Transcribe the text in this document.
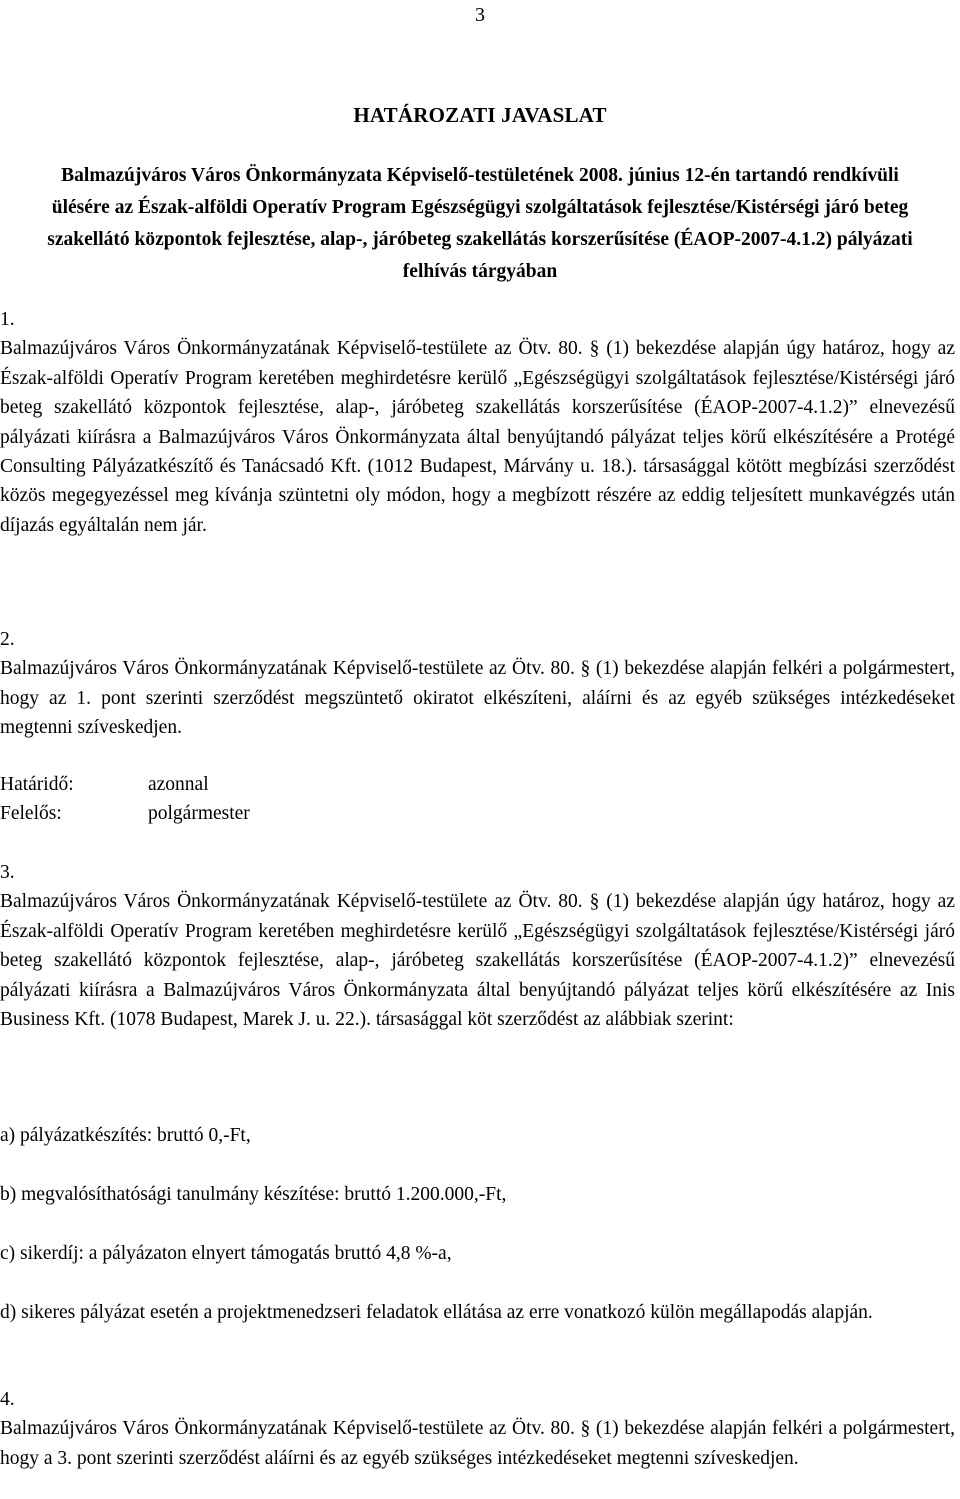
3
HATÁROZATI JAVASLAT
Balmazújváros Város Önkormányzata Képviselő-testületének 2008. június 12-én tartandó rendkívüli ülésére az Észak-alföldi Operatív Program Egészségügyi szolgáltatások fejlesztése/Kistérségi járó beteg szakellátó központok fejlesztése, alap-, járóbeteg szakellátás korszerűsítése (ÉAOP-2007-4.1.2) pályázati felhívás tárgyában
1.
Balmazújváros Város Önkormányzatának Képviselő-testülete az Ötv. 80. § (1) bekezdése alapján úgy határoz, hogy az Észak-alföldi Operatív Program keretében meghirdetésre kerülő „Egészségügyi szolgáltatások fejlesztése/Kistérségi járó beteg szakellátó központok fejlesztése, alap-, járóbeteg szakellátás korszerűsítése (ÉAOP-2007-4.1.2)” elnevezésű pályázati kiírásra a Balmazújváros Város Önkormányzata által benyújtandó pályázat teljes körű elkészítésére a Protégé Consulting Pályázatkészítő és Tanácsadó Kft. (1012 Budapest, Márvány u. 18.). társasággal kötött megbízási szerződést közös megegyezéssel meg kívánja szüntetni oly módon, hogy a megbízott részére az eddig teljesített munkavégzés után díjazás egyáltalán nem jár.
2.
Balmazújváros Város Önkormányzatának Képviselő-testülete az Ötv. 80. § (1) bekezdése alapján felkéri a polgármestert, hogy az 1. pont szerinti szerződést megszüntető okiratot elkészíteni, aláírni és az egyéb szükséges intézkedéseket megtenni szíveskedjen.
Határidő:	azonnal
Felelős:	polgármester
3.
Balmazújváros Város Önkormányzatának Képviselő-testülete az Ötv. 80. § (1) bekezdése alapján úgy határoz, hogy az Észak-alföldi Operatív Program keretében meghirdetésre kerülő „Egészségügyi szolgáltatások fejlesztése/Kistérségi járó beteg szakellátó központok fejlesztése, alap-, járóbeteg szakellátás korszerűsítése (ÉAOP-2007-4.1.2)” elnevezésű pályázati kiírásra a Balmazújváros Város Önkormányzata által benyújtandó pályázat teljes körű elkészítésére az Inis Business Kft. (1078 Budapest, Marek J. u. 22.). társasággal köt szerződést az alábbiak szerint:
a) pályázatkészítés: bruttó 0,-Ft,
b) megvalósíthatósági tanulmány készítése: bruttó 1.200.000,-Ft,
c) sikerdíj: a pályázaton elnyert támogatás bruttó 4,8 %-a,
d) sikeres pályázat esetén a projektmenedzseri feladatok ellátása az erre vonatkozó külön megállapodás alapján.
4.
Balmazújváros Város Önkormányzatának Képviselő-testülete az Ötv. 80. § (1) bekezdése alapján felkéri a polgármestert, hogy a 3. pont szerinti szerződést aláírni és az egyéb szükséges intézkedéseket megtenni szíveskedjen.
